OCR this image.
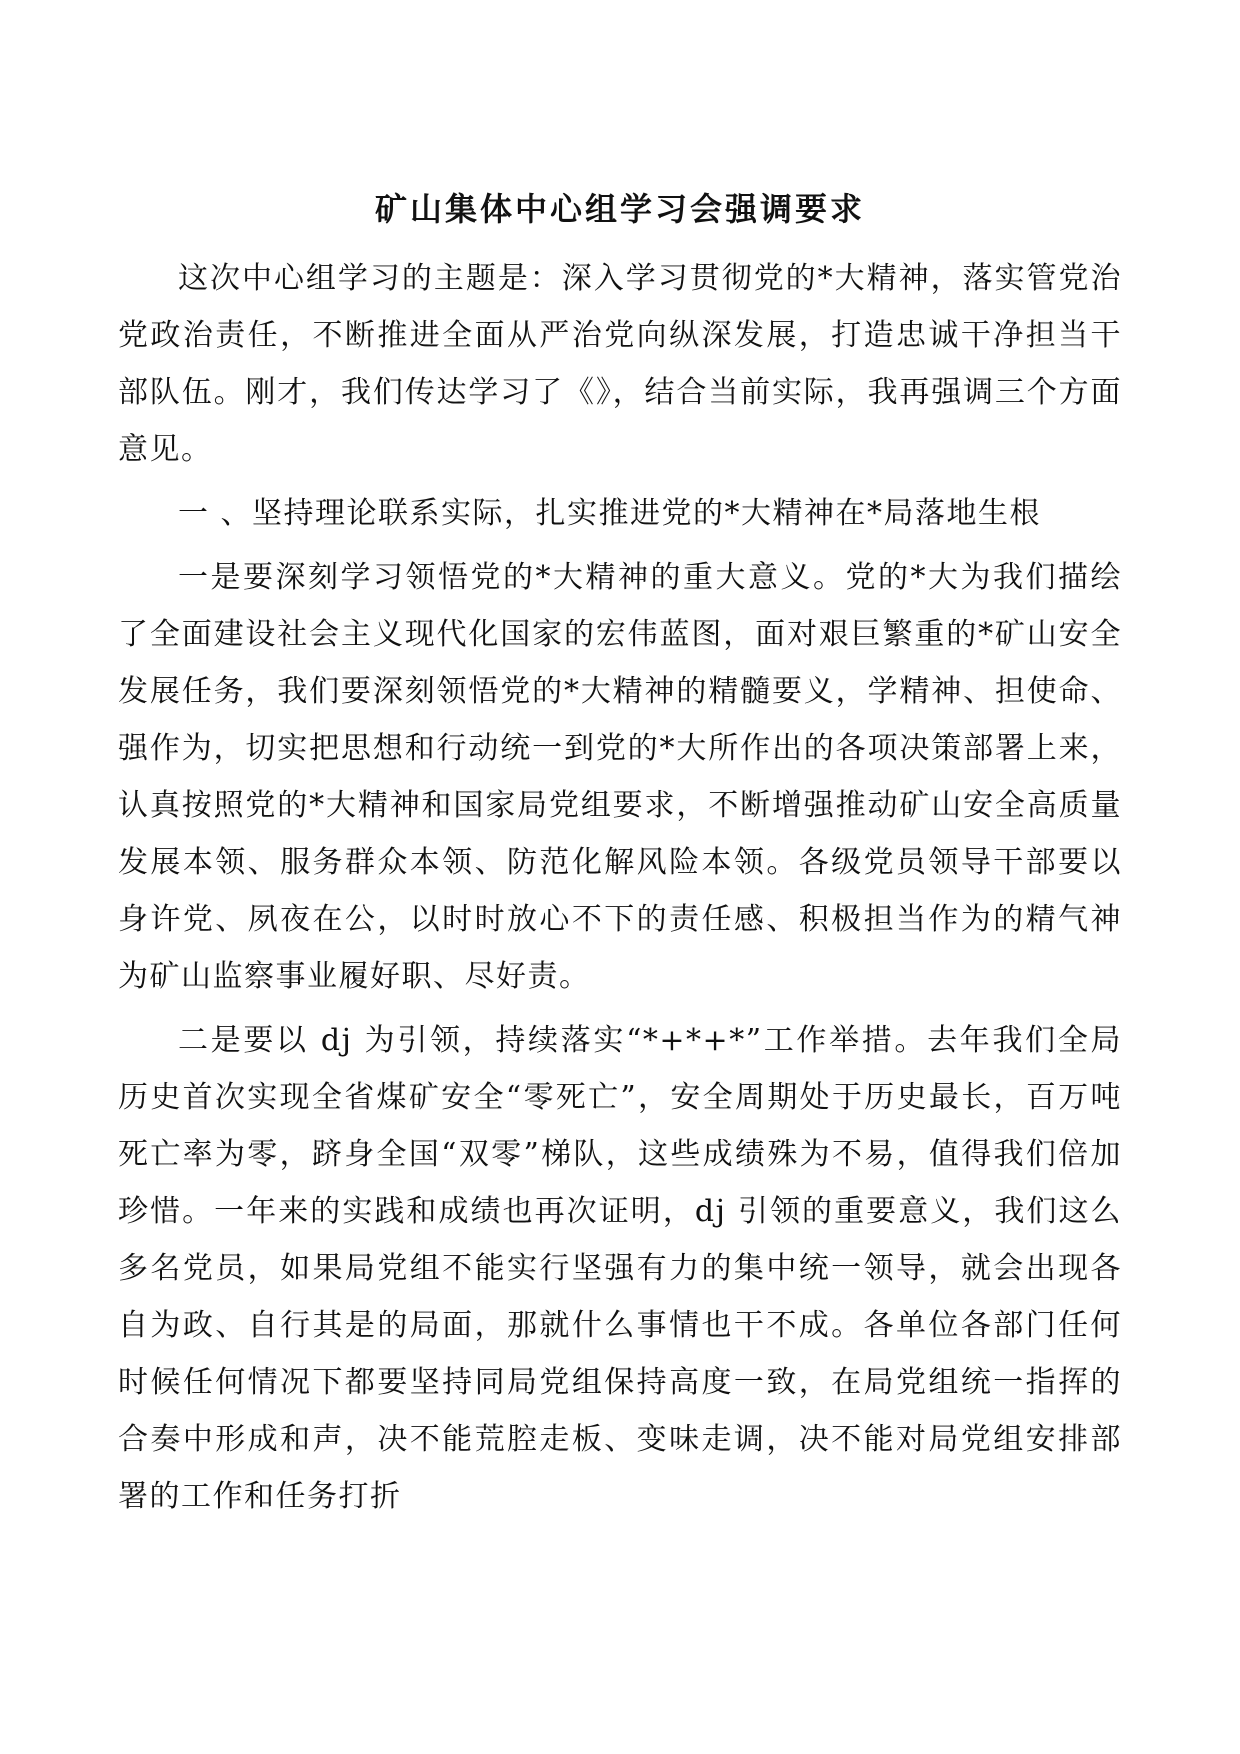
矿山集体中心组学习会强调要求

这次中心组学习的主题是：深入学习贯彻党的*大精神，落实管党治党政治责任，不断推进全面从严治党向纵深发展，打造忠诚干净担当干部队伍。刚才，我们传达学习了《》，结合当前实际，我再强调三个方面意见。

一 、坚持理论联系实际，扎实推进党的*大精神在*局落地生根

一是要深刻学习领悟党的*大精神的重大意义。党的*大为我们描绘了全面建设社会主义现代化国家的宏伟蓝图，面对艰巨繁重的*矿山安全发展任务，我们要深刻领悟党的*大精神的精髓要义，学精神、担使命、强作为，切实把思想和行动统一到党的*大所作出的各项决策部署上来，认真按照党的*大精神和国家局党组要求，不断增强推动矿山安全高质量发展本领、服务群众本领、防范化解风险本领。各级党员领导干部要以身许党、夙夜在公，以时时放心不下的责任感、积极担当作为的精气神为矿山监察事业履好职、尽好责。

二是要以 dj 为引领，持续落实“*+*+*”工作举措。去年我们全局历史首次实现全省煤矿安全“零死亡”，安全周期处于历史最长，百万吨死亡率为零，跻身全国“双零”梯队，这些成绩殊为不易，值得我们倍加珍惜。一年来的实践和成绩也再次证明，dj 引领的重要意义，我们这么多名党员，如果局党组不能实行坚强有力的集中统一领导，就会出现各自为政、自行其是的局面，那就什么事情也干不成。各单位各部门任何时候任何情况下都要坚持同局党组保持高度一致，在局党组统一指挥的合奏中形成和声，决不能荒腔走板、变味走调，决不能对局党组安排部署的工作和任务打折
